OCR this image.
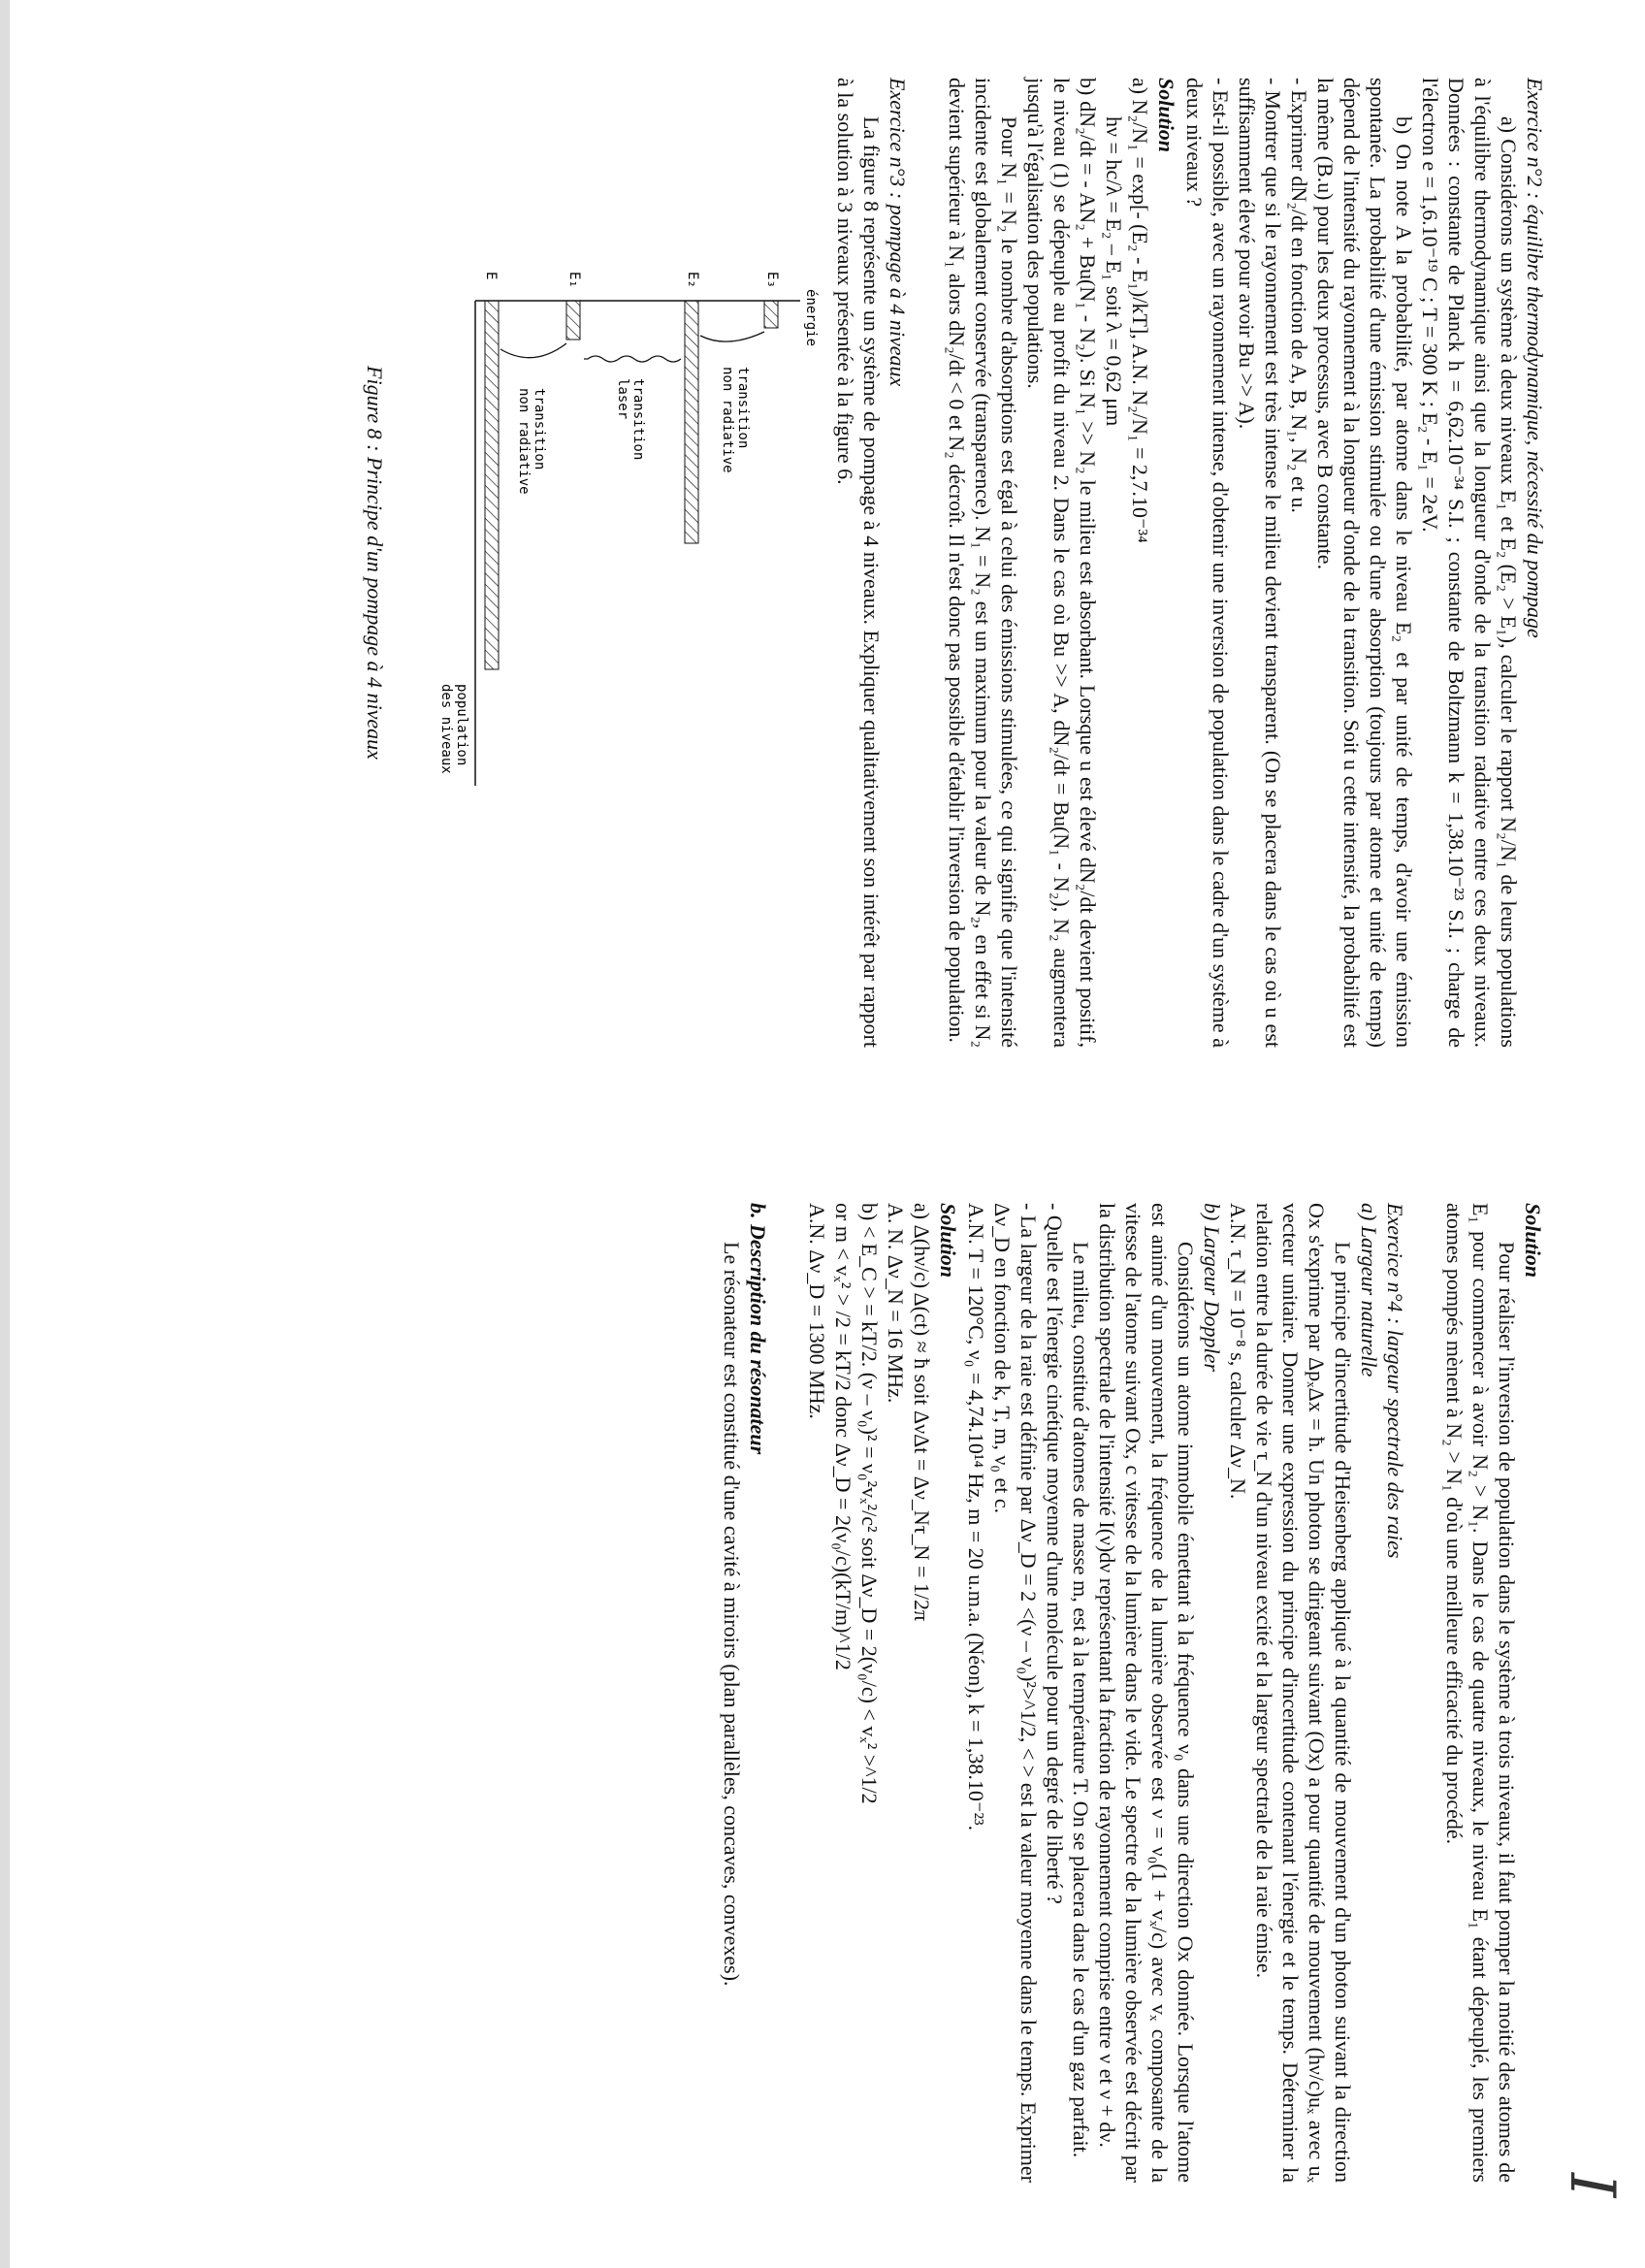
I

Exercice n°2 : équilibre thermodynamique, nécessité du pompage

a) Considérons un système à deux niveaux E₁ et E₂ (E₂ > E₁), calculer le rapport N₂/N₁ de leurs populations à l'équilibre thermodynamique ainsi que la longueur d'onde de la transition radiative entre ces deux niveaux. Données : constante de Planck h = 6,62.10⁻³⁴ S.I. ; constante de Boltzmann k = 1,38.10⁻²³ S.I. ; charge de l'électron e = 1,6.10⁻¹⁹ C ; T = 300 K ; E₂ - E₁ = 2eV.

b) On note A la probabilité, par atome dans le niveau E₂ et par unité de temps, d'avoir une émission spontanée. La probabilité d'une émission stimulée ou d'une absorption (toujours par atome et unité de temps) dépend de l'intensité du rayonnement à la longueur d'onde de la transition. Soit u cette intensité, la probabilité est la même (B.u) pour les deux processus, avec B constante.

- Exprimer dN₂/dt en fonction de A, B, N₁, N₂ et u.

- Montrer que si le rayonnement est très intense le milieu devient transparent. (On se placera dans le cas où u est suffisamment élevé pour avoir Bu >> A).

- Est-il possible, avec un rayonnement intense, d'obtenir une inversion de population dans le cadre d'un système à deux niveaux ?

Solution

a) N₂/N₁ = exp[- (E₂ - E₁)/kT], A.N. N₂/N₁ = 2,7.10⁻³⁴

hν = hc/λ = E₂ – E₁ soit λ = 0,62 μm

b) dN₂/dt = - AN₂ + Bu(N₁ - N₂). Si N₁ >> N₂ le milieu est absorbant. Lorsque u est élevé dN₂/dt devient positif, le niveau (1) se dépeuple au profit du niveau 2. Dans le cas où Bu >> A, dN₂/dt = Bu(N₁ - N₂), N₂ augmentera jusqu'à l'égalisation des populations.

Pour N₁ = N₂ le nombre d'absorptions est égal à celui des émissions stimulées, ce qui signifie que l'intensité incidente est globalement conservée (transparence). N₁ = N₂ est un maximum pour la valeur de N₂, en effet si N₂ devient supérieur à N₁ alors dN₂/dt < 0 et N₂ décroît. Il n'est donc pas possible d'établir l'inversion de population.

Exercice n°3 : pompage à 4 niveaux

La figure 8 représente un système de pompage à 4 niveaux. Expliquer qualitativement son intérêt par rapport à la solution à 3 niveaux présentée à la figure 6.

énergie
population
des niveaux
E₃
E₂
E₁
E
transition
non radiative
transition
laser
transition
non radiative

Figure 8 : Principe d'un pompage à 4 niveaux

Solution

Pour réaliser l'inversion de population dans le système à trois niveaux, il faut pomper la moitié des atomes de E₁ pour commencer à avoir N₂ > N₁. Dans le cas de quatre niveaux, le niveau E₁ étant dépeuplé, les premiers atomes pompés mènent à N₂ > N₁ d'où une meilleure efficacité du procédé.

Exercice n°4 : largeur spectrale des raies

a) Largeur naturelle

Le principe d'incertitude d'Heisenberg appliqué à la quantité de mouvement d'un photon suivant la direction Ox s'exprime par ΔpₓΔx = ħ. Un photon se dirigeant suivant (Ox) a pour quantité de mouvement (hν/c)uₓ avec uₓ vecteur unitaire. Donner une expression du principe d'incertitude contenant l'énergie et le temps. Déterminer la relation entre la durée de vie τ_N d'un niveau excité et la largeur spectrale de la raie émise.

A.N. τ_N = 10⁻⁸ s, calculer Δν_N.

b) Largeur Doppler

Considérons un atome immobile émettant à la fréquence ν₀ dans une direction Ox donnée. Lorsque l'atome est animé d'un mouvement, la fréquence de la lumière observée est ν = ν₀(1 + vₓ/c) avec vₓ composante de la vitesse de l'atome suivant Ox, c vitesse de la lumière dans le vide. Le spectre de la lumière observée est décrit par la distribution spectrale de l'intensité I(ν)dν représentant la fraction de rayonnement comprise entre ν et ν + dν.

Le milieu, constitué d'atomes de masse m, est à la température T. On se placera dans le cas d'un gaz parfait.

- Quelle est l'énergie cinétique moyenne d'une molécule pour un degré de liberté ?

- La largeur de la raie est définie par Δν_D = 2 <(ν – ν₀)²>^1/2, < > est la valeur moyenne dans le temps. Exprimer Δν_D en fonction de k, T, m, ν₀ et c.

A.N. T = 120°C, ν₀ = 4,74.10¹⁴ Hz, m = 20 u.m.a. (Néon), k = 1,38.10⁻²³.

Solution

a) Δ(hν/c) Δ(ct) ≈ ħ soit ΔνΔt = Δν_Nτ_N = 1/2π

A. N. Δν_N = 16 MHz.

b) < E_C > = kT/2. (ν – ν₀)² = ν₀²vₓ²/c² soit Δν_D = 2(ν₀/c) < vₓ² >^1/2

or m < vₓ² > /2 = kT/2 donc Δν_D = 2(ν₀/c)(kT/m)^1/2

A.N. Δν_D = 1300 MHz.

b. Description du résonateur

Le résonateur est constitué d'une cavité à miroirs (plan parallèles, concaves, convexes).
